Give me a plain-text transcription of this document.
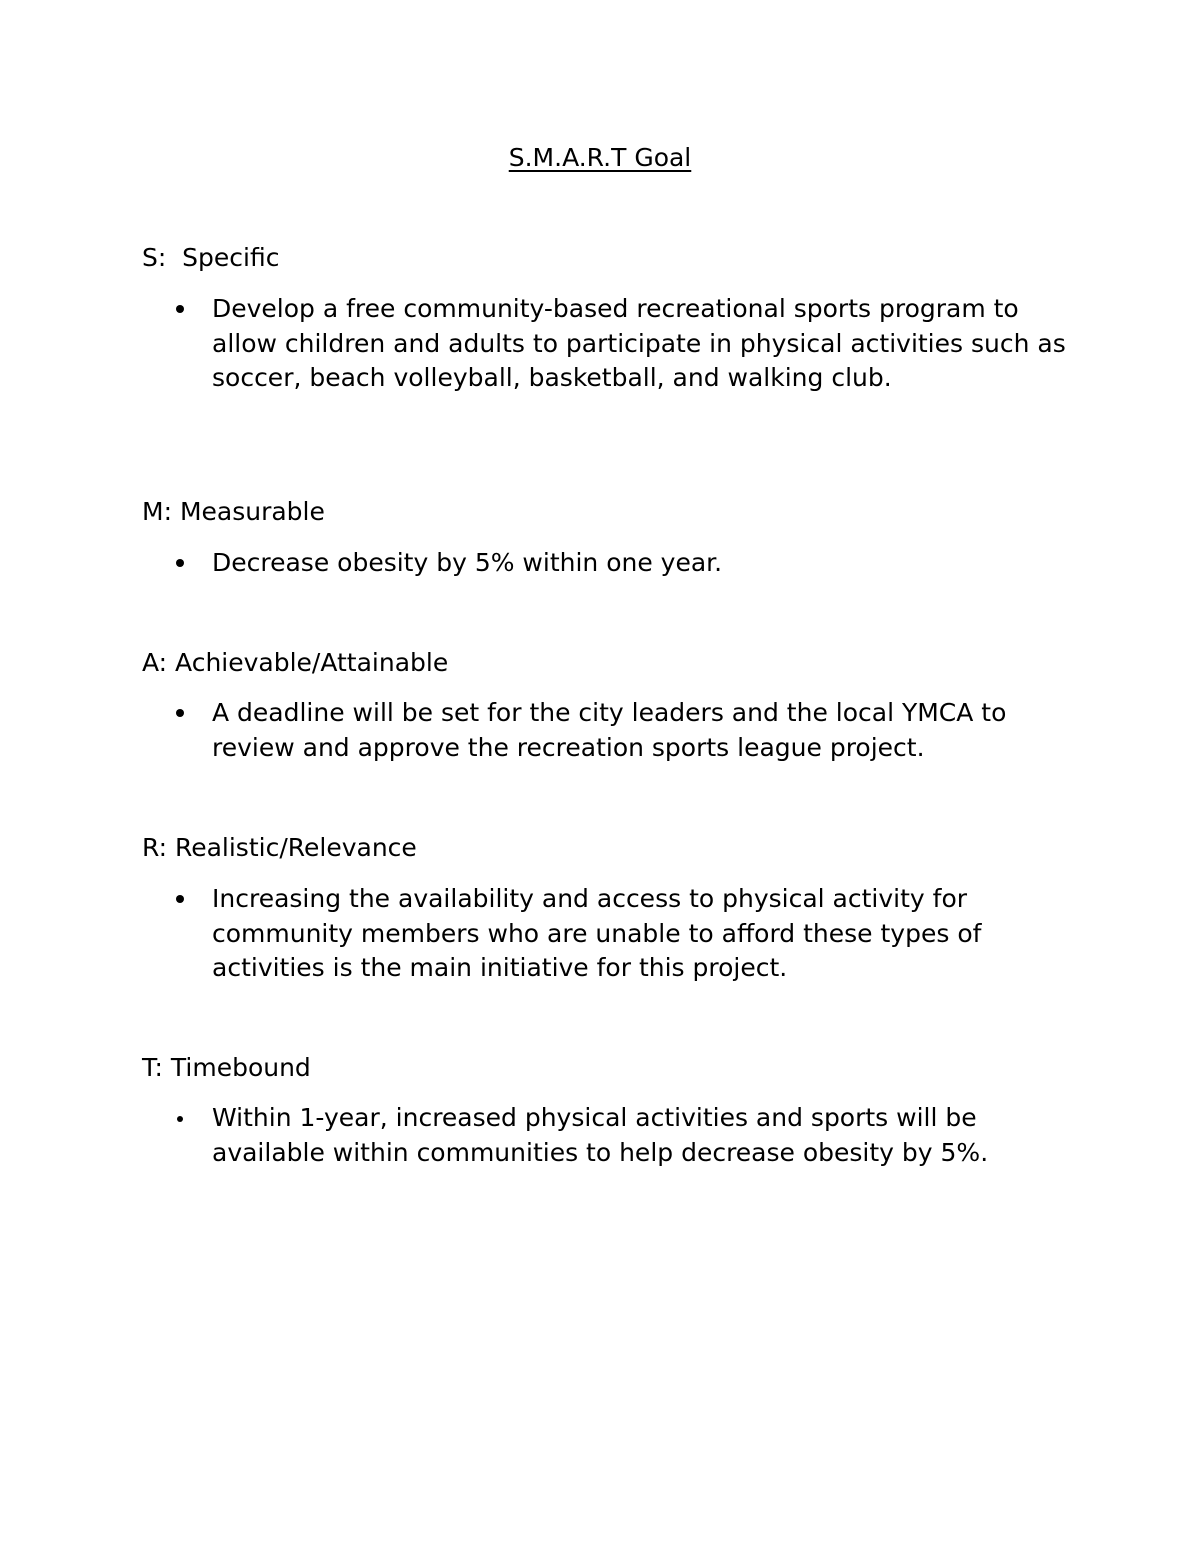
S.M.A.R.T Goal
S:  Specific
Develop a free community-based recreational sports program to allow children and adults to participate in physical activities such as soccer, beach volleyball, basketball, and walking club.
M: Measurable
Decrease obesity by 5% within one year.
A: Achievable/Attainable
A deadline will be set for the city leaders and the local YMCA to review and approve the recreation sports league project.
R: Realistic/Relevance
Increasing the availability and access to physical activity for community members who are unable to afford these types of activities is the main initiative for this project.
T: Timebound
Within 1-year, increased physical activities and sports will be available within communities to help decrease obesity by 5%.
